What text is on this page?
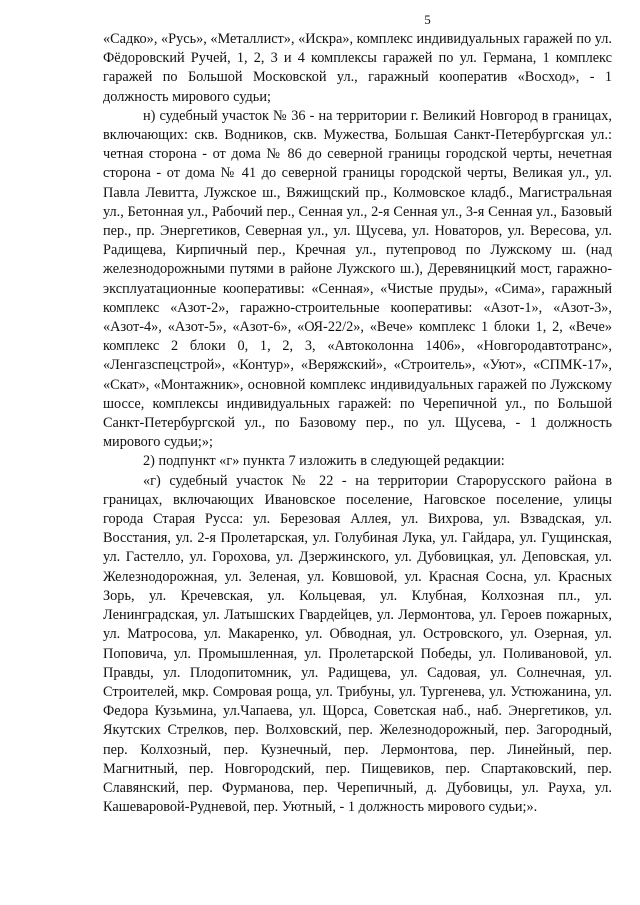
5

«Садко», «Русь», «Металлист», «Искра», комплекс индивидуальных гаражей по ул. Фёдоровский Ручей, 1, 2, 3 и 4 комплексы гаражей по ул. Германа, 1 комплекс гаражей по Большой Московской ул., гаражный кооператив «Восход», - 1 должность мирового судьи;

н) судебный участок № 36 - на территории г. Великий Новгород в границах, включающих: скв. Водников, скв. Мужества, Большая Санкт-Петербургская ул.: четная сторона - от дома № 86 до северной границы городской черты, нечетная сторона - от дома № 41 до северной границы городской черты, Великая ул., ул. Павла Левитта, Лужское ш., Вяжищский пр., Колмовское кладб., Магистральная ул., Бетонная ул., Рабочий пер., Сенная ул., 2-я Сенная ул., 3-я Сенная ул., Базовый пер., пр. Энергетиков, Северная ул., ул. Щусева, ул. Новаторов, ул. Вересова, ул. Радищева, Кирпичный пер., Кречная ул., путепровод по Лужскому ш. (над железнодорожными путями в районе Лужского ш.), Деревяницкий мост, гаражно-эксплуатационные кооперативы: «Сенная», «Чистые пруды», «Сима», гаражный комплекс «Азот-2», гаражно-строительные кооперативы: «Азот-1», «Азот-3», «Азот-4», «Азот-5», «Азот-6», «ОЯ-22/2», «Вече» комплекс 1 блоки 1, 2, «Вече» комплекс 2 блоки 0, 1, 2, 3, «Автоколонна 1406», «Новгородавтотранс», «Ленгазспецстрой», «Контур», «Веряжский», «Строитель», «Уют», «СПМК-17», «Скат», «Монтажник», основной комплекс индивидуальных гаражей по Лужскому шоссе, комплексы индивидуальных гаражей: по Черепичной ул., по Большой Санкт-Петербургской ул., по Базовому пер., по ул. Щусева, - 1 должность мирового судьи;»;

2) подпункт «г» пункта 7 изложить в следующей редакции:

«г) судебный участок № 22 - на территории Старорусского района в границах, включающих Ивановское поселение, Наговское поселение, улицы города Старая Русса: ул. Березовая Аллея, ул. Вихрова, ул. Взвадская, ул. Восстания, ул. 2-я Пролетарская, ул. Голубиная Лука, ул. Гайдара, ул. Гущинская, ул. Гастелло, ул. Горохова, ул. Дзержинского, ул. Дубовицкая, ул. Деповская, ул. Железнодорожная, ул. Зеленая, ул. Ковшовой, ул. Красная Сосна, ул. Красных Зорь, ул. Кречевская, ул. Кольцевая, ул. Клубная, Колхозная пл., ул. Ленинградская, ул. Латышских Гвардейцев, ул. Лермонтова, ул. Героев пожарных, ул. Матросова, ул. Макаренко, ул. Обводная, ул. Островского, ул. Озерная, ул. Поповича, ул. Промышленная, ул. Пролетарской Победы, ул. Поливановой, ул. Правды, ул. Плодопитомник, ул. Радищева, ул. Садовая, ул. Солнечная, ул. Строителей, мкр. Сомровая роща, ул. Трибуны, ул. Тургенева, ул. Устюжанина, ул. Федора Кузьмина, ул.Чапаева, ул. Щорса, Советская наб., наб. Энергетиков, ул. Якутских Стрелков, пер. Волховский, пер. Железнодорожный, пер. Загородный, пер. Колхозный, пер. Кузнечный, пер. Лермонтова, пер. Линейный, пер. Магнитный, пер. Новгородский, пер. Пищевиков, пер. Спартаковский, пер. Славянский, пер. Фурманова, пер. Черепичный, д. Дубовицы, ул. Рауха, ул. Кашеваровой-Рудневой, пер. Уютный, - 1 должность мирового судьи;».
